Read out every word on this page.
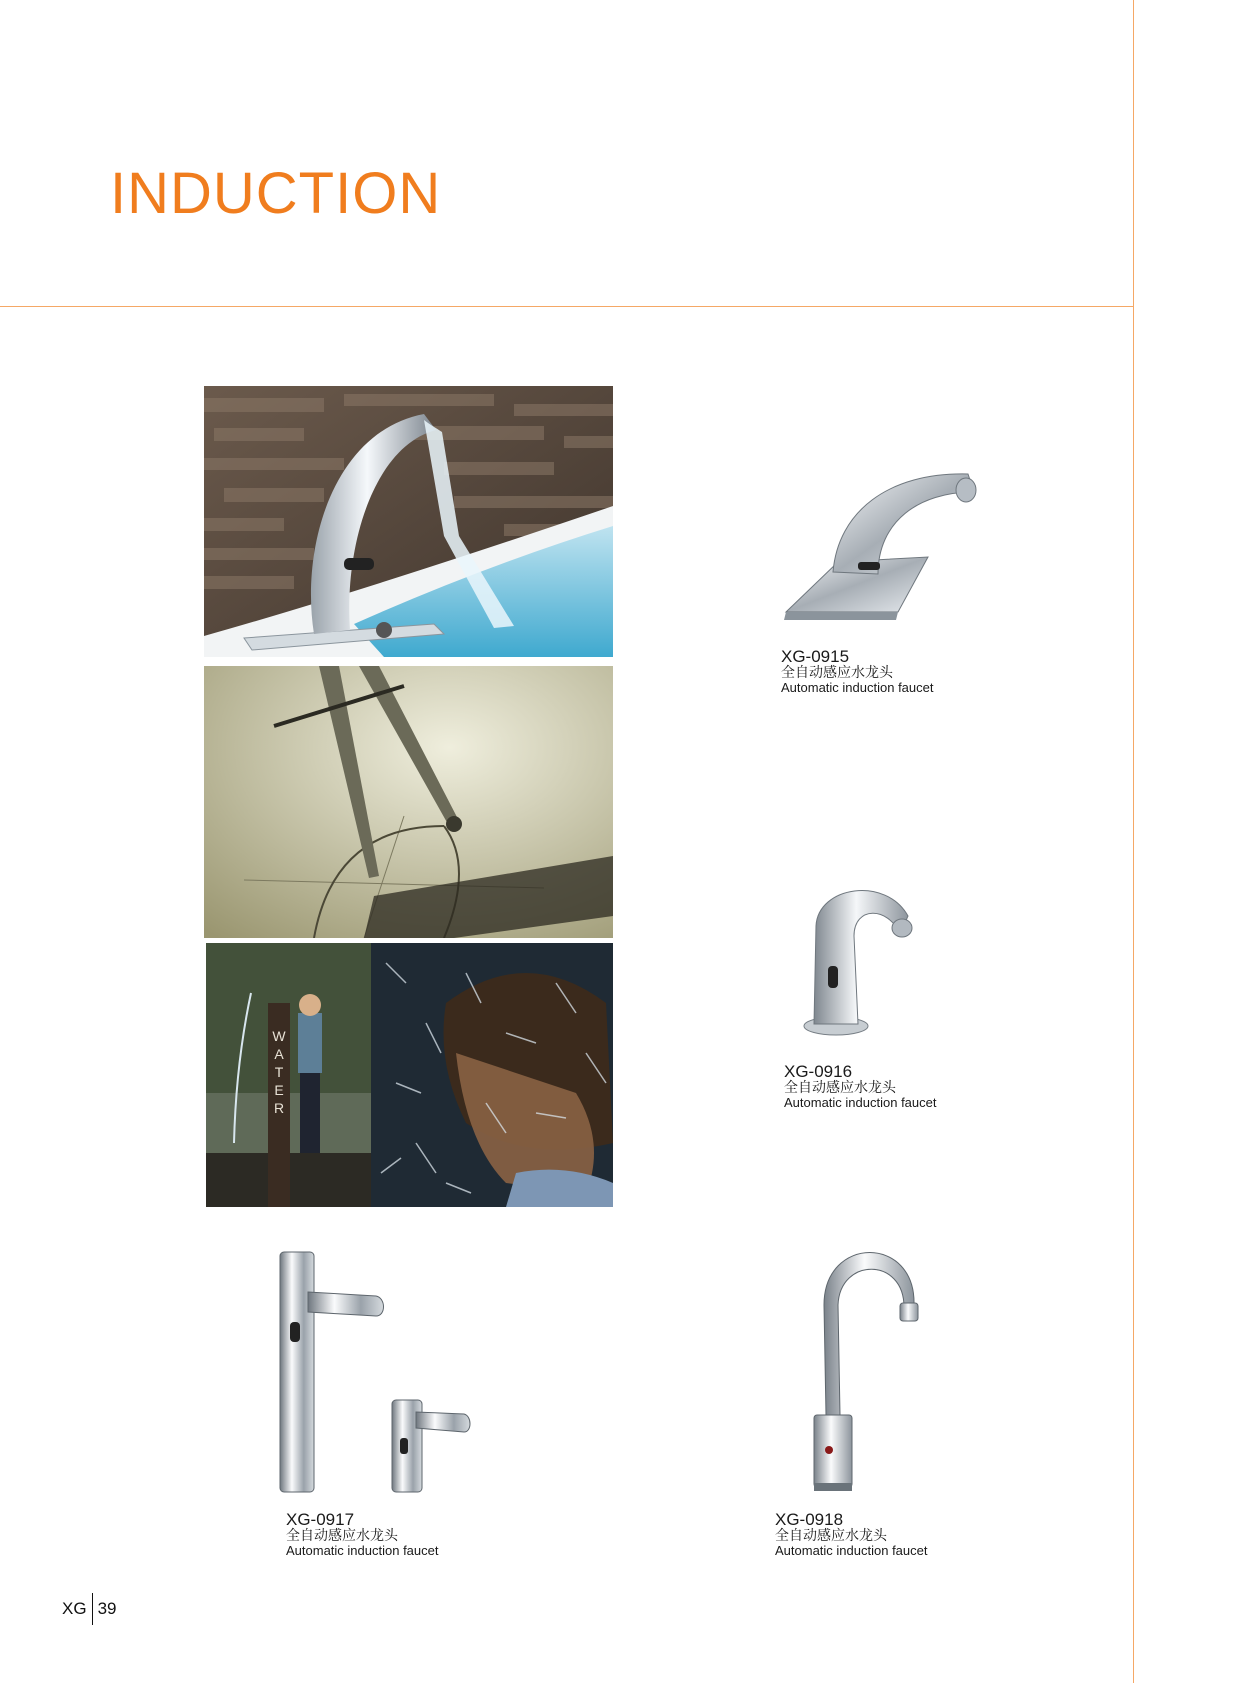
INDUCTION
W
A
T
E
R
XG-0915
全自动感应水龙头
Automatic induction faucet
XG-0916
全自动感应水龙头
Automatic induction faucet
XG-0917
全自动感应水龙头
Automatic induction faucet
XG-0918
全自动感应水龙头
Automatic induction faucet
XG 39
